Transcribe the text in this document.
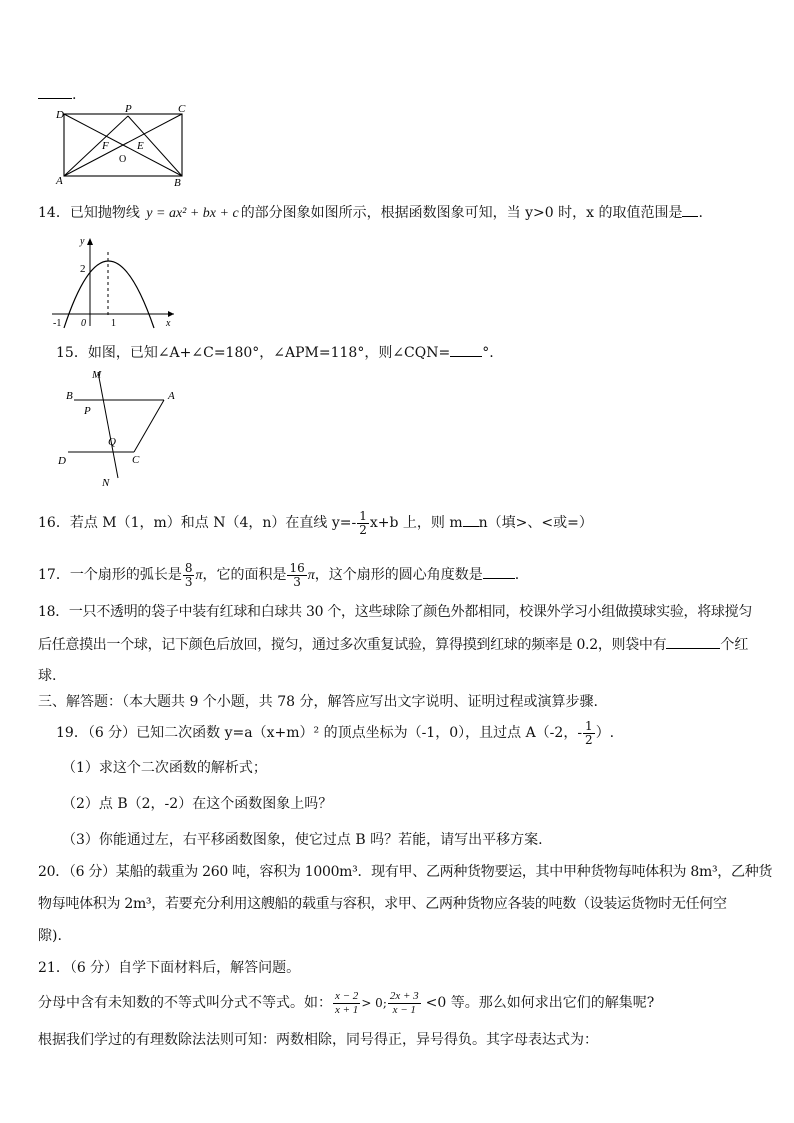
.
D	P	C
F	E
O
A	B
14．已知抛物线 y = ax² + bx + c 的部分图象如图所示，根据函数图象可知，当 y>0 时，x 的取值范围是 .
y
2
-1 0	1	x
15．如图，已知∠A+∠C=180°，∠APM=118°，则∠CQN= °.
M
B	A
P
Q
D	C
N
16．若点 M（1，m）和点 N（4，n）在直线 $y=- \frac{1}{2} x+b$ 上，则 m n（填>、<或=）
17．一个扇形的弧长是 $\frac{8}{3}$ π，它的面积是 $\frac{16}{3}$ π，这个扇形的圆心角度数是 .
18．一只不透明的袋子中装有红球和白球共 30 个，这些球除了颜色外都相同，校课外学习小组做摸球实验，将球搅匀
后任意摸出一个球，记下颜色后放回，搅匀，通过多次重复试验，算得摸到红球的频率是 0.2，则袋中有	个红
球.
三、解答题：（本大题共 9 个小题，共 78 分，解答应写出文字说明、证明过程或演算步骤.
19．（6 分）已知二次函数 y=a（x+m）² 的顶点坐标为（-1，0），且过点 A（-2，- $\frac{1}{2}$ ）.
（1）求这个二次函数的解析式；
（2）点 B（2，-2）在这个函数图象上吗？
（3）你能通过左，右平移函数图象，使它过点 B 吗？若能，请写出平移方案.
20．（6 分）某船的载重为 260 吨，容积为 1000m³．现有甲、乙两种货物要运，其中甲种货物每吨体积为 8m³，乙种货
物每吨体积为 2m³，若要充分利用这艘船的载重与容积，求甲、乙两种货物应各装的吨数（设装运货物时无任何空
隙).
21．（6 分）自学下面材料后，解答问题。
分母中含有未知数的不等式叫分式不等式。如： $\frac{x - 2}{x + 1} > 0$; $\frac{2x + 3}{x - 1} <0$ 等。那么如何求出它们的解集呢?
根据我们学过的有理数除法法则可知：两数相除，同号得正，异号得负。其字母表达式为：
